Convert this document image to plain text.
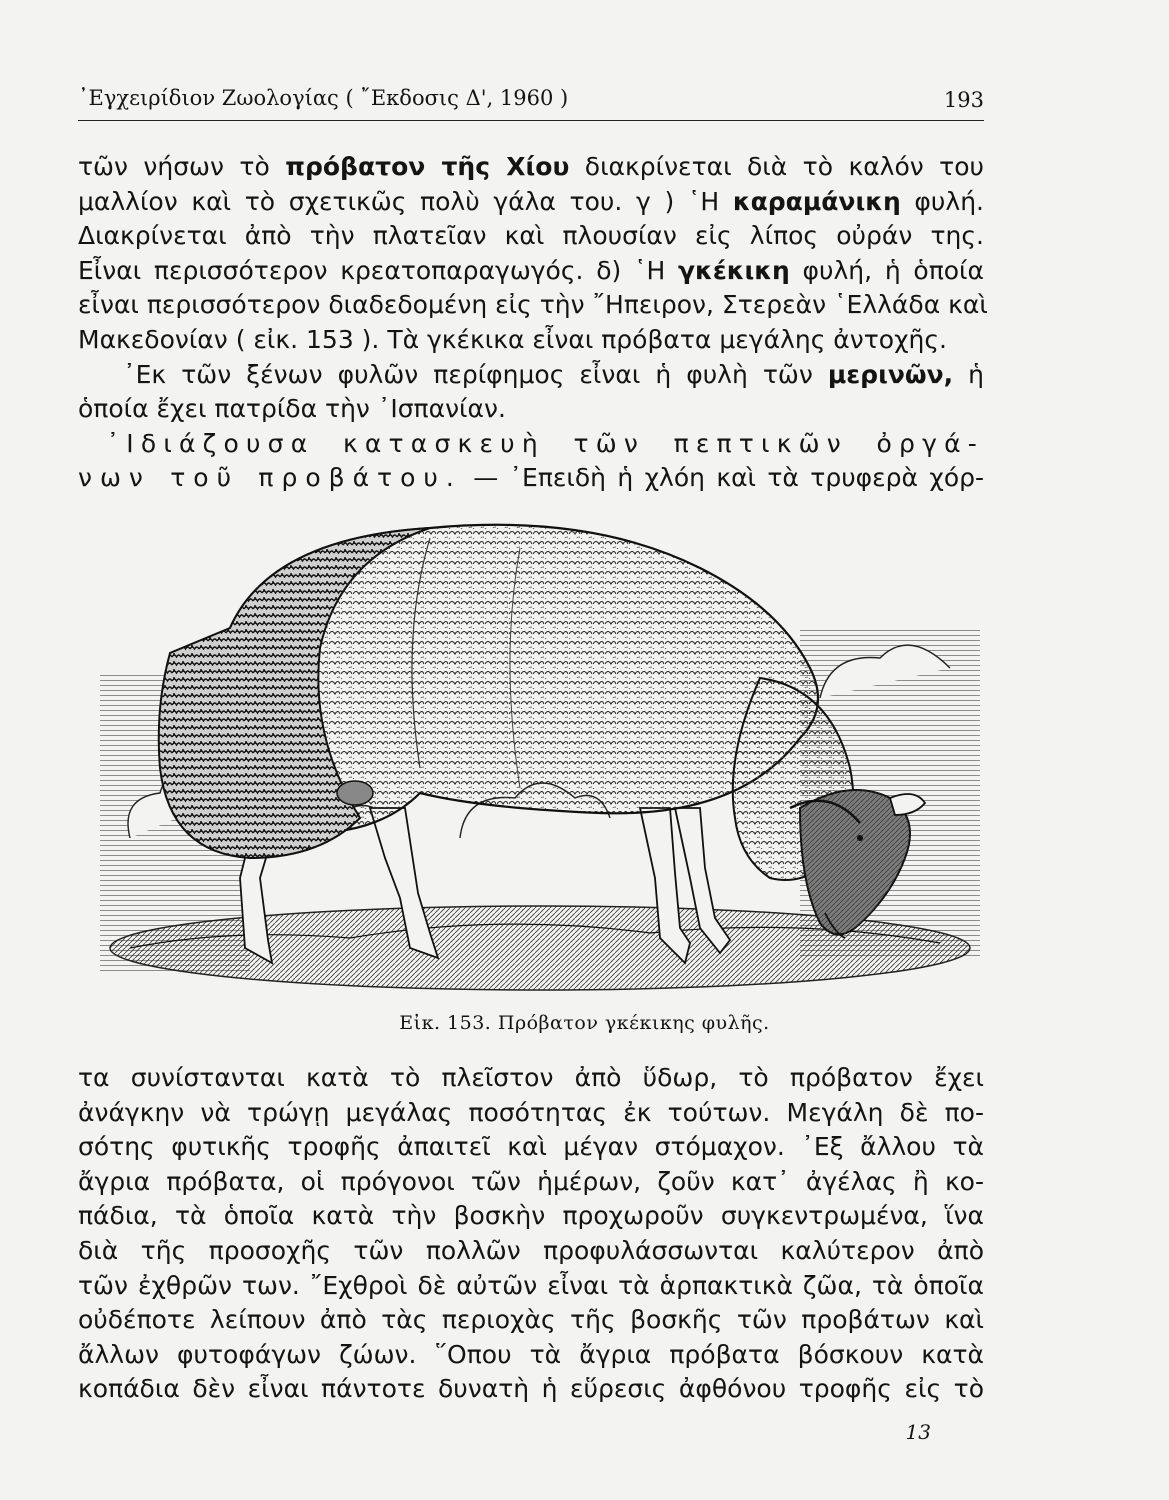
᾿Εγχειρίδιον Ζωολογίας ( ῎Εκδοσις Δ', 1960 )	193
τῶν νήσων τὸ πρόβατον τῆς Χίου διακρίνεται διὰ τὸ καλόν του
μαλλίον καὶ τὸ σχετικῶς πολὺ γάλα του. γ ) ῾Η καραμάνικη φυλή.
Διακρίνεται ἀπὸ τὴν πλατεῖαν καὶ πλουσίαν εἰς λίπος οὐράν της.
Εἶναι περισσότερον κρεατοπαραγωγός. δ) ῾Η γκέκικη φυλή, ἡ ὁποία
εἶναι περισσότερον διαδεδομένη εἰς τὴν ῎Ηπειρον, Στερεὰν ῾Ελλάδα καὶ
Μακεδονίαν ( εἰκ. 153 ). Τὰ γκέκικα εἶναι πρόβατα μεγάλης ἀντοχῆς.
᾿Εκ τῶν ξένων φυλῶν περίφημος εἶναι ἡ φυλὴ τῶν μερινῶν, ἡ
ὁποία ἔχει πατρίδα τὴν ᾿Ισπανίαν.
᾿Ιδιάζουσα κατασκευὴ τῶν πεπτικῶν ὀργά-
νων τοῦ προβάτου. — ᾿Επειδὴ ἡ χλόη καὶ τὰ τρυφερὰ χόρ-
Εἰκ. 153. Πρόβατον γκέκικης φυλῆς.
τα συνίστανται κατὰ τὸ πλεῖστον ἀπὸ ὕδωρ, τὸ πρόβατον ἔχει
ἀνάγκην νὰ τρώγῃ μεγάλας ποσότητας ἐκ τούτων. Μεγάλη δὲ πο-
σότης φυτικῆς τροφῆς ἀπαιτεῖ καὶ μέγαν στόμαχον. ᾿Εξ ἄλλου τὰ
ἄγρια πρόβατα, οἱ πρόγονοι τῶν ἡμέρων, ζοῦν κατ᾿ ἀγέλας ἢ κο-
πάδια, τὰ ὁποῖα κατὰ τὴν βοσκὴν προχωροῦν συγκεντρωμένα, ἵνα
διὰ τῆς προσοχῆς τῶν πολλῶν προφυλάσσωνται καλύτερον ἀπὸ
τῶν ἐχθρῶν των. ῎Εχθροὶ δὲ αὐτῶν εἶναι τὰ ἁρπακτικὰ ζῶα, τὰ ὁποῖα
οὐδέποτε λείπουν ἀπὸ τὰς περιοχὰς τῆς βοσκῆς τῶν προβάτων καὶ
ἄλλων φυτοφάγων ζώων. ῞Οπου τὰ ἄγρια πρόβατα βόσκουν κατὰ
κοπάδια δὲν εἶναι πάντοτε δυνατὴ ἡ εὕρεσις ἀφθόνου τροφῆς εἰς τὸ
13
